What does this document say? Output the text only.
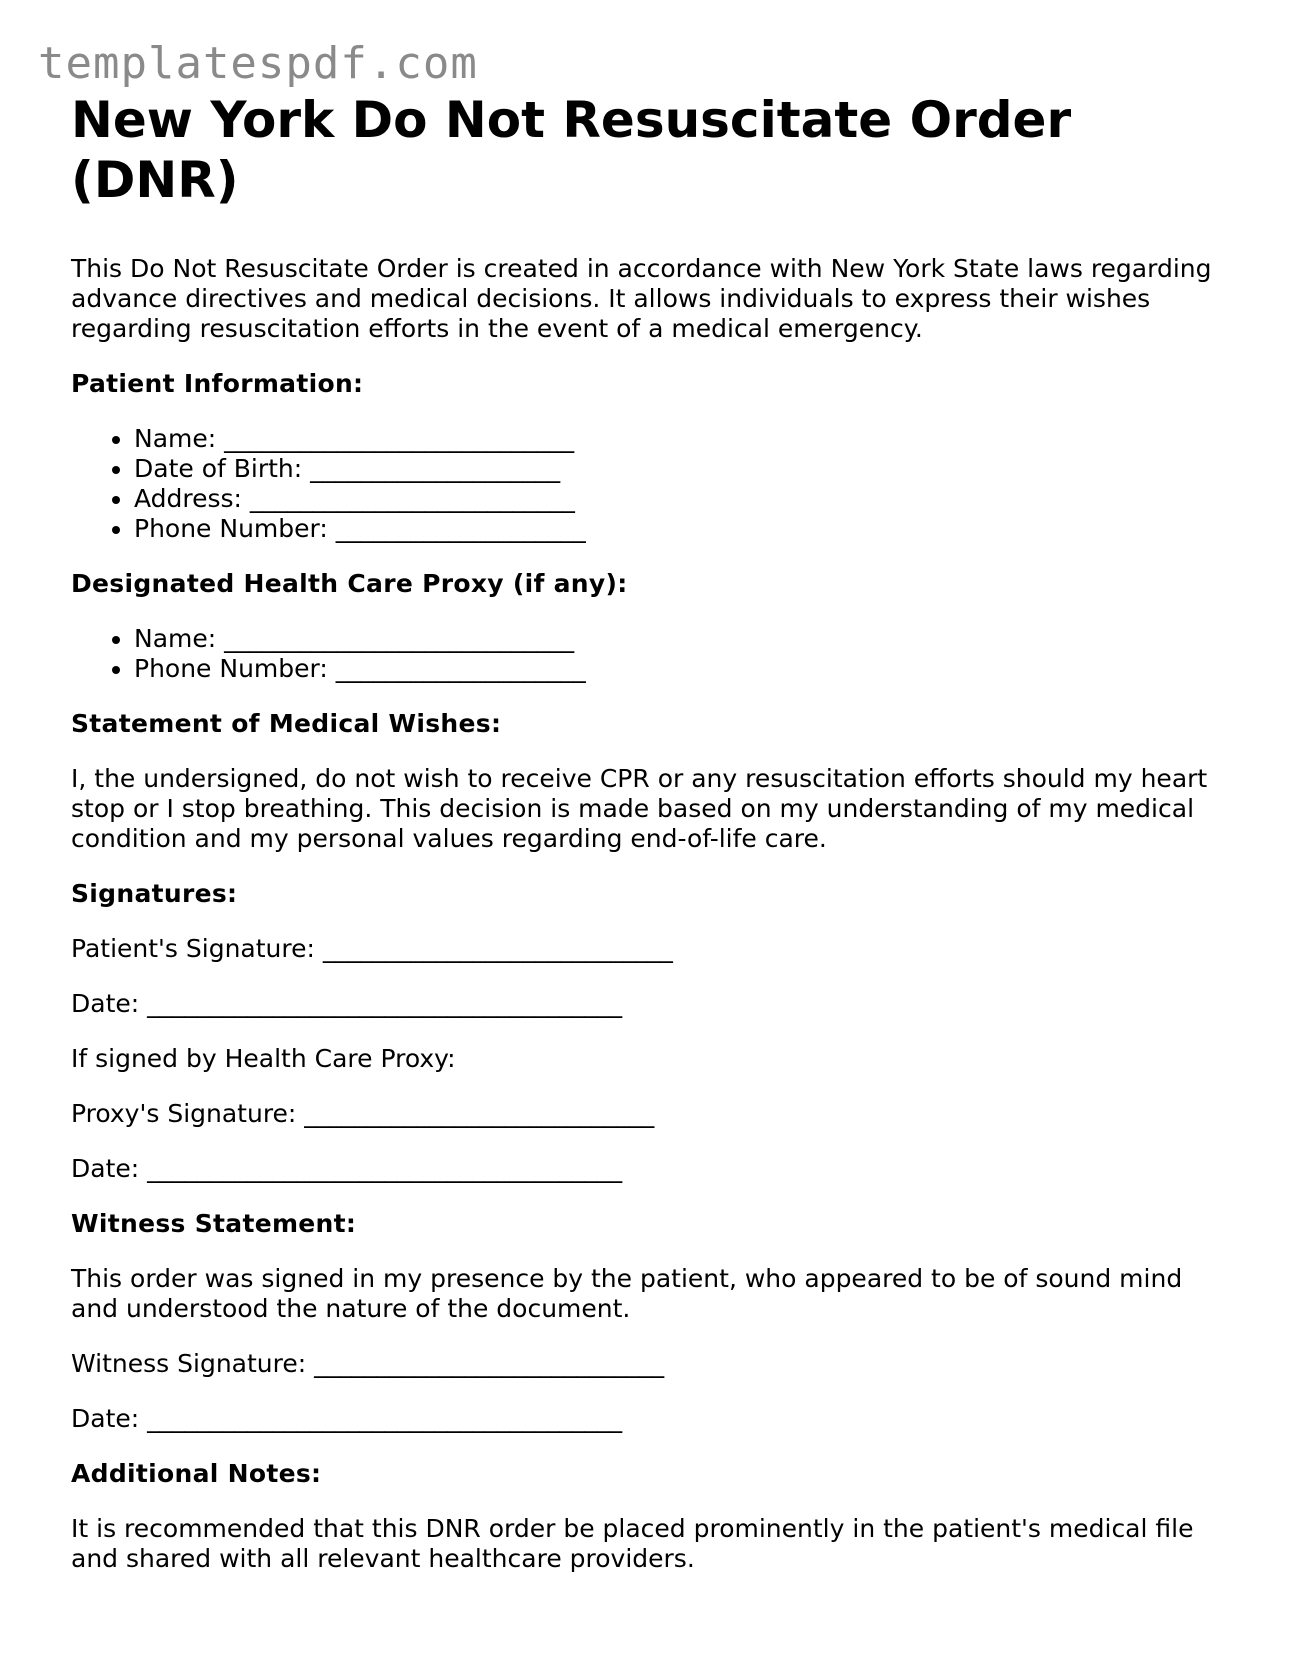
templatespdf.com
New York Do Not Resuscitate Order (DNR)

This Do Not Resuscitate Order is created in accordance with New York State laws regarding advance directives and medical decisions. It allows individuals to express their wishes regarding resuscitation efforts in the event of a medical emergency.

Patient Information:

• Name: ____________________________
• Date of Birth: ____________________
• Address: __________________________
• Phone Number: ____________________

Designated Health Care Proxy (if any):

• Name: ____________________________
• Phone Number: ____________________

Statement of Medical Wishes:

I, the undersigned, do not wish to receive CPR or any resuscitation efforts should my heart stop or I stop breathing. This decision is made based on my understanding of my medical condition and my personal values regarding end-of-life care.

Signatures:

Patient's Signature: ____________________________

Date: ______________________________________

If signed by Health Care Proxy:

Proxy's Signature: ____________________________

Date: ______________________________________

Witness Statement:

This order was signed in my presence by the patient, who appeared to be of sound mind and understood the nature of the document.

Witness Signature: ____________________________

Date: ______________________________________

Additional Notes:

It is recommended that this DNR order be placed prominently in the patient's medical file and shared with all relevant healthcare providers.
